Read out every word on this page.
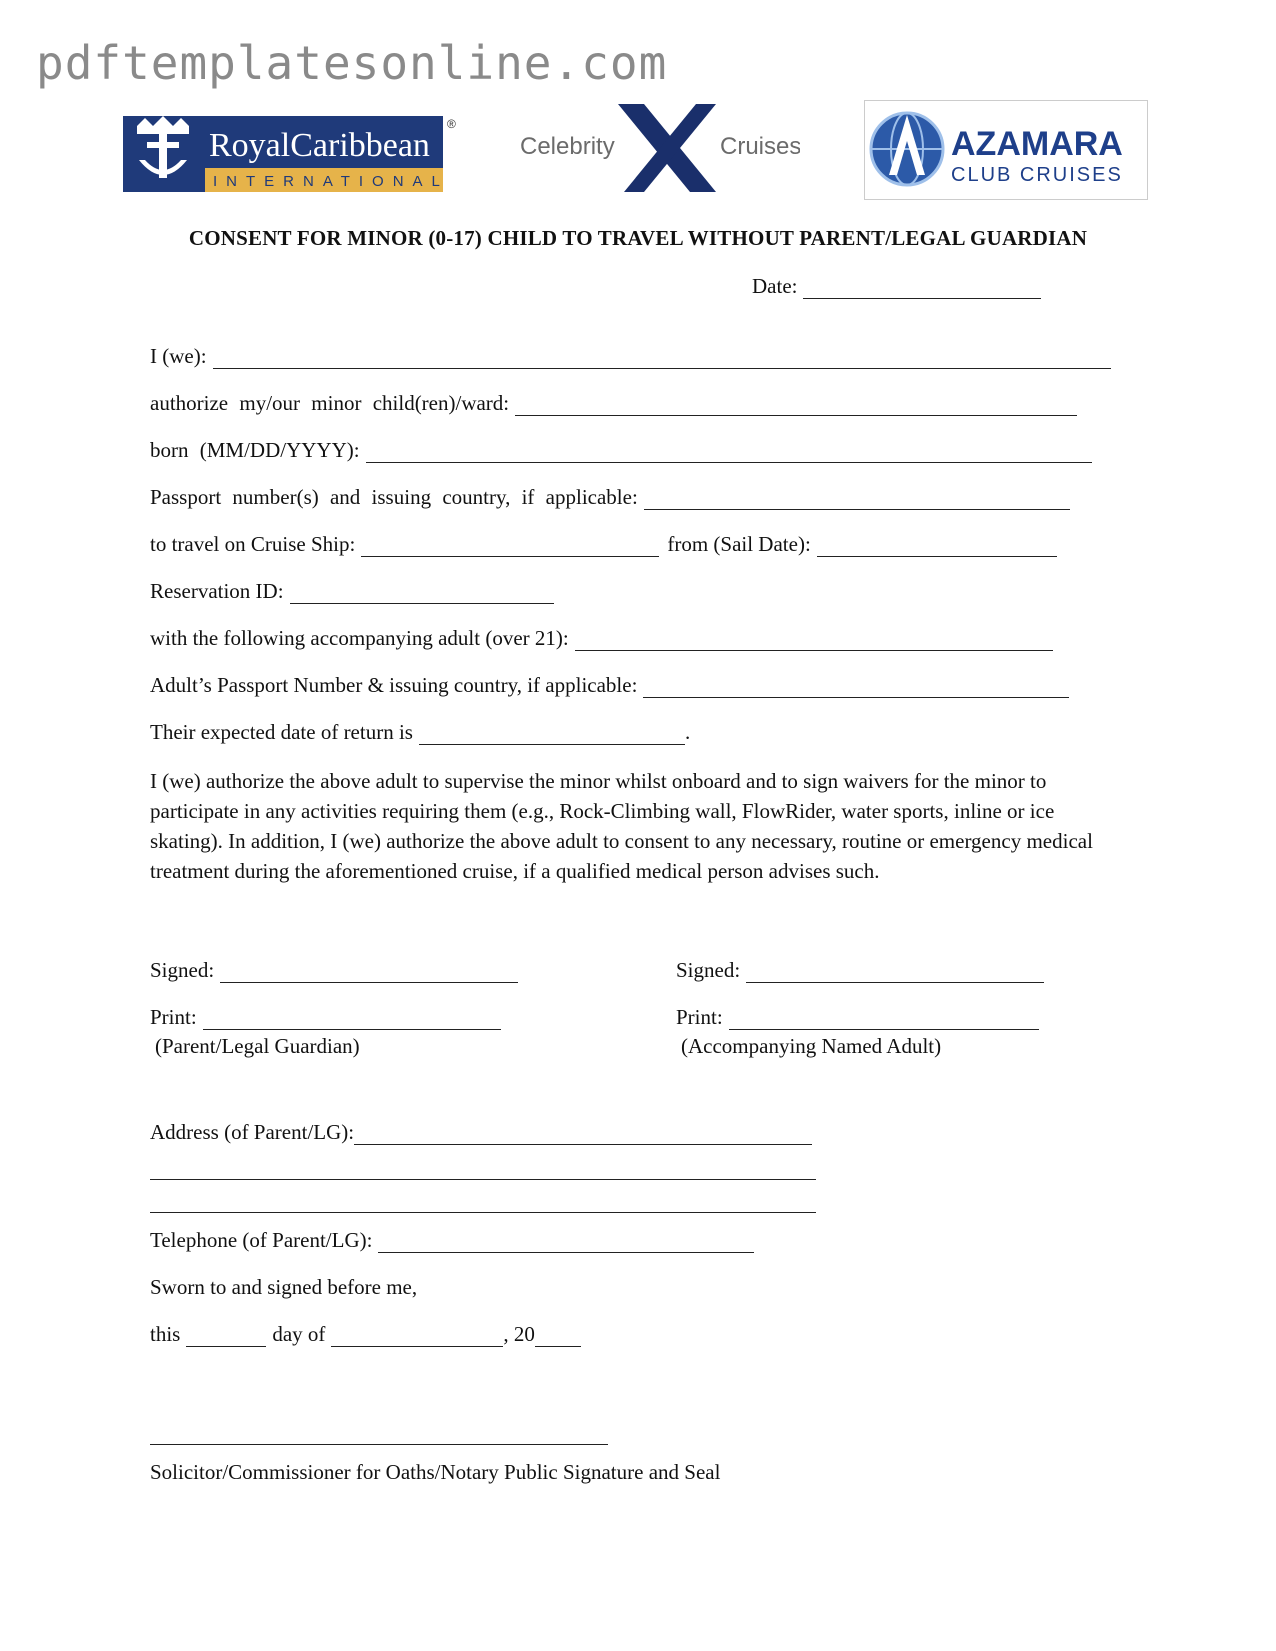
pdftemplatesonline.com
RoyalCaribbean
INTERNATIONAL
®
Celebrity	Cruises	AZAMARA
CLUB CRUISES
CONSENT FOR MINOR (0-17) CHILD TO TRAVEL WITHOUT PARENT/LEGAL GUARDIAN
Date:
I (we):
authorize my/our minor child(ren)/ward:
born (MM/DD/YYYY):
Passport number(s) and issuing country, if applicable:
to travel on Cruise Ship:	from (Sail Date):
Reservation ID:
with the following accompanying adult (over 21):
Adult’s Passport Number & issuing country, if applicable:
Their expected date of return is	.
I (we) authorize the above adult to supervise the minor whilst onboard and to sign waivers for the minor to participate in any activities requiring them (e.g., Rock-Climbing wall, FlowRider, water sports, inline or ice skating). In addition, I (we) authorize the above adult to consent to any necessary, routine or emergency medical treatment during the aforementioned cruise, if a qualified medical person advises such.
Signed:	Signed:
Print:	Print:
(Parent/Legal Guardian)	(Accompanying Named Adult)
Address (of Parent/LG):
Telephone (of Parent/LG):
Sworn to and signed before me,
this	day of	, 20
Solicitor/Commissioner for Oaths/Notary Public Signature and Seal
